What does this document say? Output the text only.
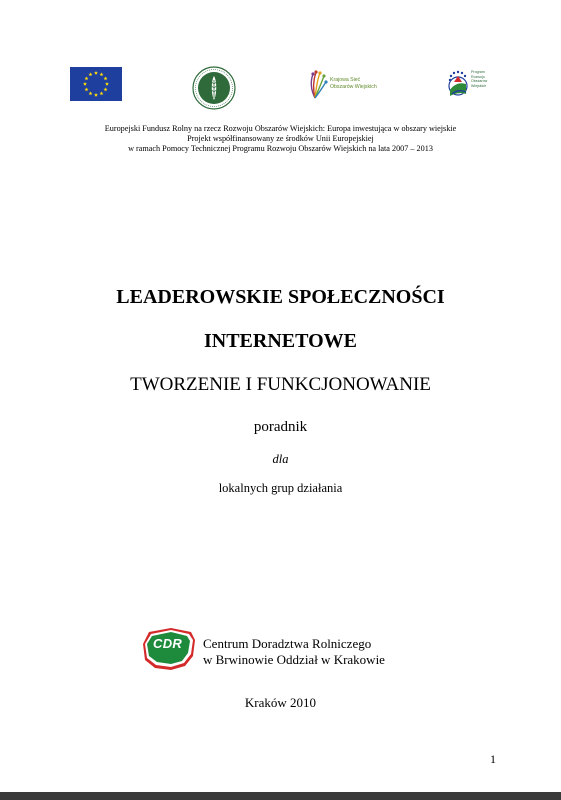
Krajowa Sieć
Obszarów Wiejskich
Program
Rozwoju
Obszarów
Wiejskich
Europejski Fundusz Rolny na rzecz Rozwoju Obszarów Wiejskich: Europa inwestująca w obszary wiejskie
Projekt współfinansowany ze środków Unii Europejskiej
w ramach Pomocy Technicznej Programu Rozwoju Obszarów Wiejskich na lata 2007 – 2013
LEADEROWSKIE SPOŁECZNOŚCI
INTERNETOWE
TWORZENIE I FUNKCJONOWANIE
poradnik
dla
lokalnych grup działania
CDR Centrum Doradztwa Rolniczego
w Brwinowie Oddział w Krakowie
Kraków 2010
1
